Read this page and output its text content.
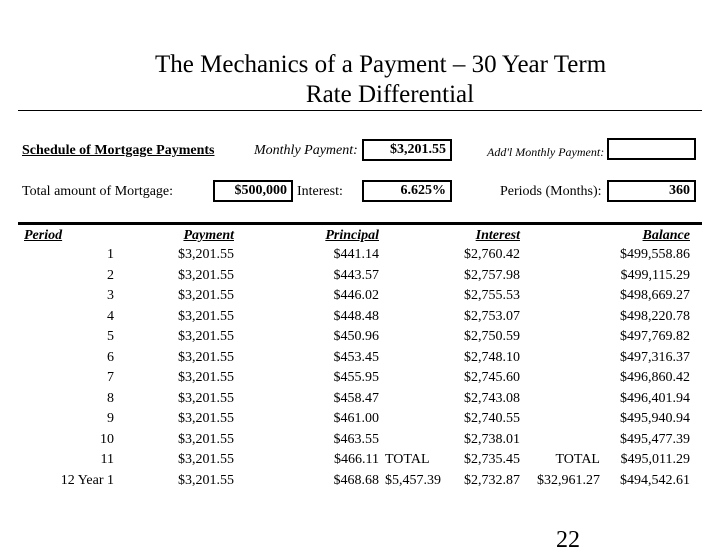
The Mechanics of a Payment – 30 Year Term
Rate Differential
Schedule of Mortgage Payments	Monthly Payment:	$3,201.55	Add'l Monthly Payment:
Total amount of Mortgage:	$500,000 Interest:	6.625%	Periods (Months):	360
Period	Payment	Principal		Interest		Balance
1	$3,201.55	$441.14		$2,760.42		$499,558.86
2	$3,201.55	$443.57		$2,757.98		$499,115.29
3	$3,201.55	$446.02		$2,755.53		$498,669.27
4	$3,201.55	$448.48		$2,753.07		$498,220.78
5	$3,201.55	$450.96		$2,750.59		$497,769.82
6	$3,201.55	$453.45		$2,748.10		$497,316.37
7	$3,201.55	$455.95		$2,745.60		$496,860.42
8	$3,201.55	$458.47		$2,743.08		$496,401.94
9	$3,201.55	$461.00		$2,740.55		$495,940.94
10	$3,201.55	$463.55		$2,738.01		$495,477.39
11	$3,201.55	$466.11	TOTAL	$2,735.45	TOTAL	$495,011.29
12 Year 1	$3,201.55	$468.68	$5,457.39	$2,732.87	$32,961.27	$494,542.61
22
